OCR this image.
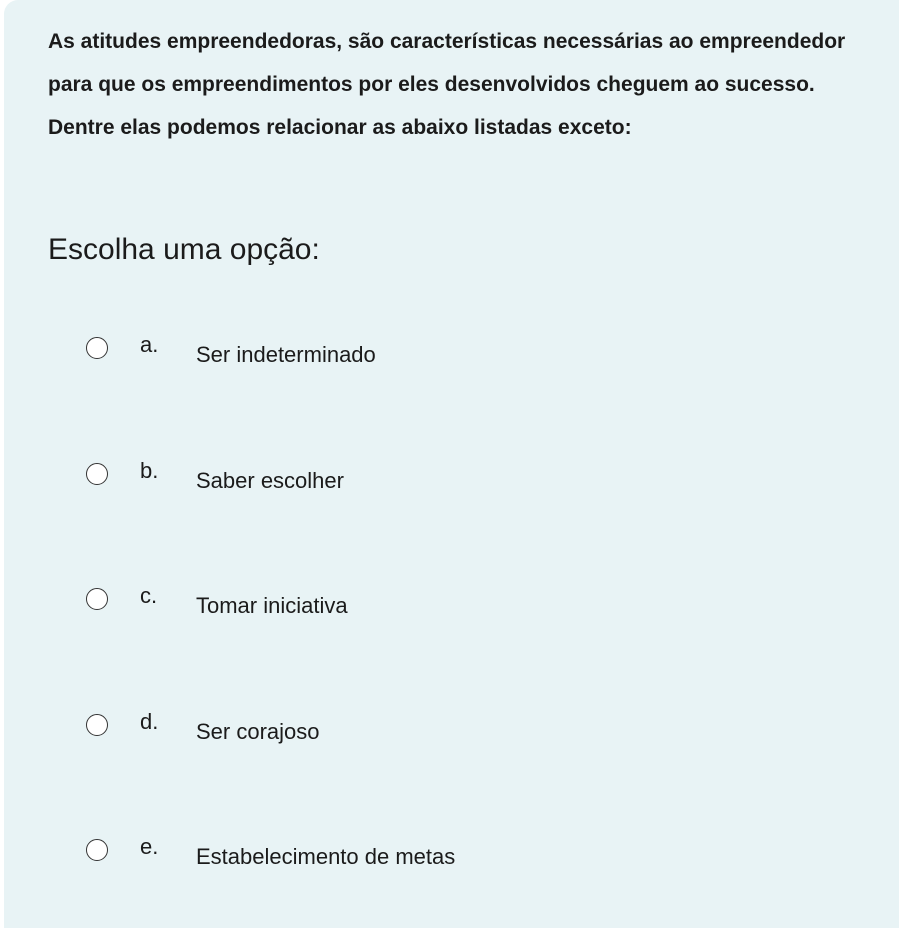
As atitudes empreendedoras, são características necessárias ao empreendedor para que os empreendimentos por eles desenvolvidos cheguem ao sucesso. Dentre elas podemos relacionar as abaixo listadas exceto:

Escolha uma opção:
a. Ser indeterminado
b. Saber escolher
c. Tomar iniciativa
d. Ser corajoso
e. Estabelecimento de metas
